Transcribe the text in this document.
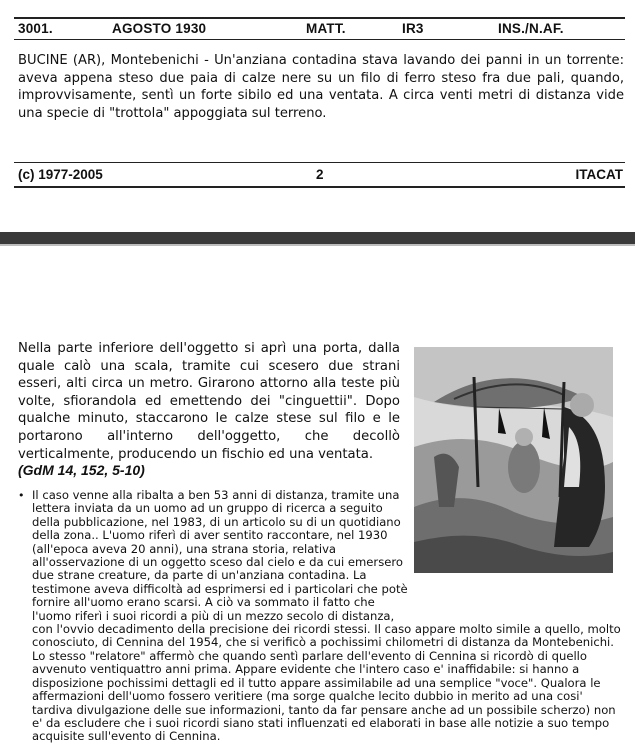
3001.	AGOSTO 1930	MATT.	IR3	INS./N.AF.

BUCINE (AR), Montebenichi - Un'anziana contadina stava lavando dei panni in un torrente: aveva appena steso due paia di calze nere su un filo di ferro steso fra due pali, quando, improvvisamente, sentì un forte sibilo ed una ventata. A circa venti metri di distanza vide una specie di "trottola" appoggiata sul terreno.

(c) 1977-2005	2	ITACAT

Nella parte inferiore dell'oggetto si aprì una porta, dalla quale calò una scala, tramite cui scesero due strani esseri, alti circa un metro. Girarono attorno alla teste più volte, sfiorandola ed emettendo dei "cinguettii". Dopo qualche minuto, staccarono le calze stese sul filo e le portarono all'interno dell'oggetto, che decollò verticalmente, producendo un fischio ed una ventata.

(GdM 14, 152, 5-10)
• Il caso venne alla ribalta a ben 53 anni di distanza, tramite una lettera inviata da un uomo ad un gruppo di ricerca a seguito della pubblicazione, nel 1983, di un articolo su di un quotidiano della zona.. L'uomo riferì di aver sentito raccontare, nel 1930 (all'epoca aveva 20 anni), una strana storia, relativa all'osservazione di un oggetto sceso dal cielo e da cui emersero due strane creature, da parte di un'anziana contadina. La testimone aveva difficoltà ad esprimersi ed i particolari che potè fornire all'uomo erano scarsi. A ciò va sommato il fatto che l'uomo riferì i suoi ricordi a più di un mezzo secolo di distanza, con l'ovvio decadimento della precisione dei ricordi stessi. Il caso appare molto simile a quello, molto conosciuto, di Cennina del 1954, che si verificò a pochissimi chilometri di distanza da Montebenichi. Lo stesso "relatore" affermò che quando sentì parlare dell'evento di Cennina si ricordò di quello avvenuto ventiquattro anni prima. Appare evidente che l'intero caso e' inaffidabile: si hanno a disposizione pochissimi dettagli ed il tutto appare assimilabile ad una semplice "voce". Qualora le affermazioni dell'uomo fossero veritiere (ma sorge qualche lecito dubbio in merito ad una cosi' tardiva divulgazione delle sue informazioni, tanto da far pensare anche ad un possibile scherzo) non e' da escludere che i suoi ricordi siano stati influenzati ed elaborati in base alle notizie a suo tempo acquisite sull'evento di Cennina.
